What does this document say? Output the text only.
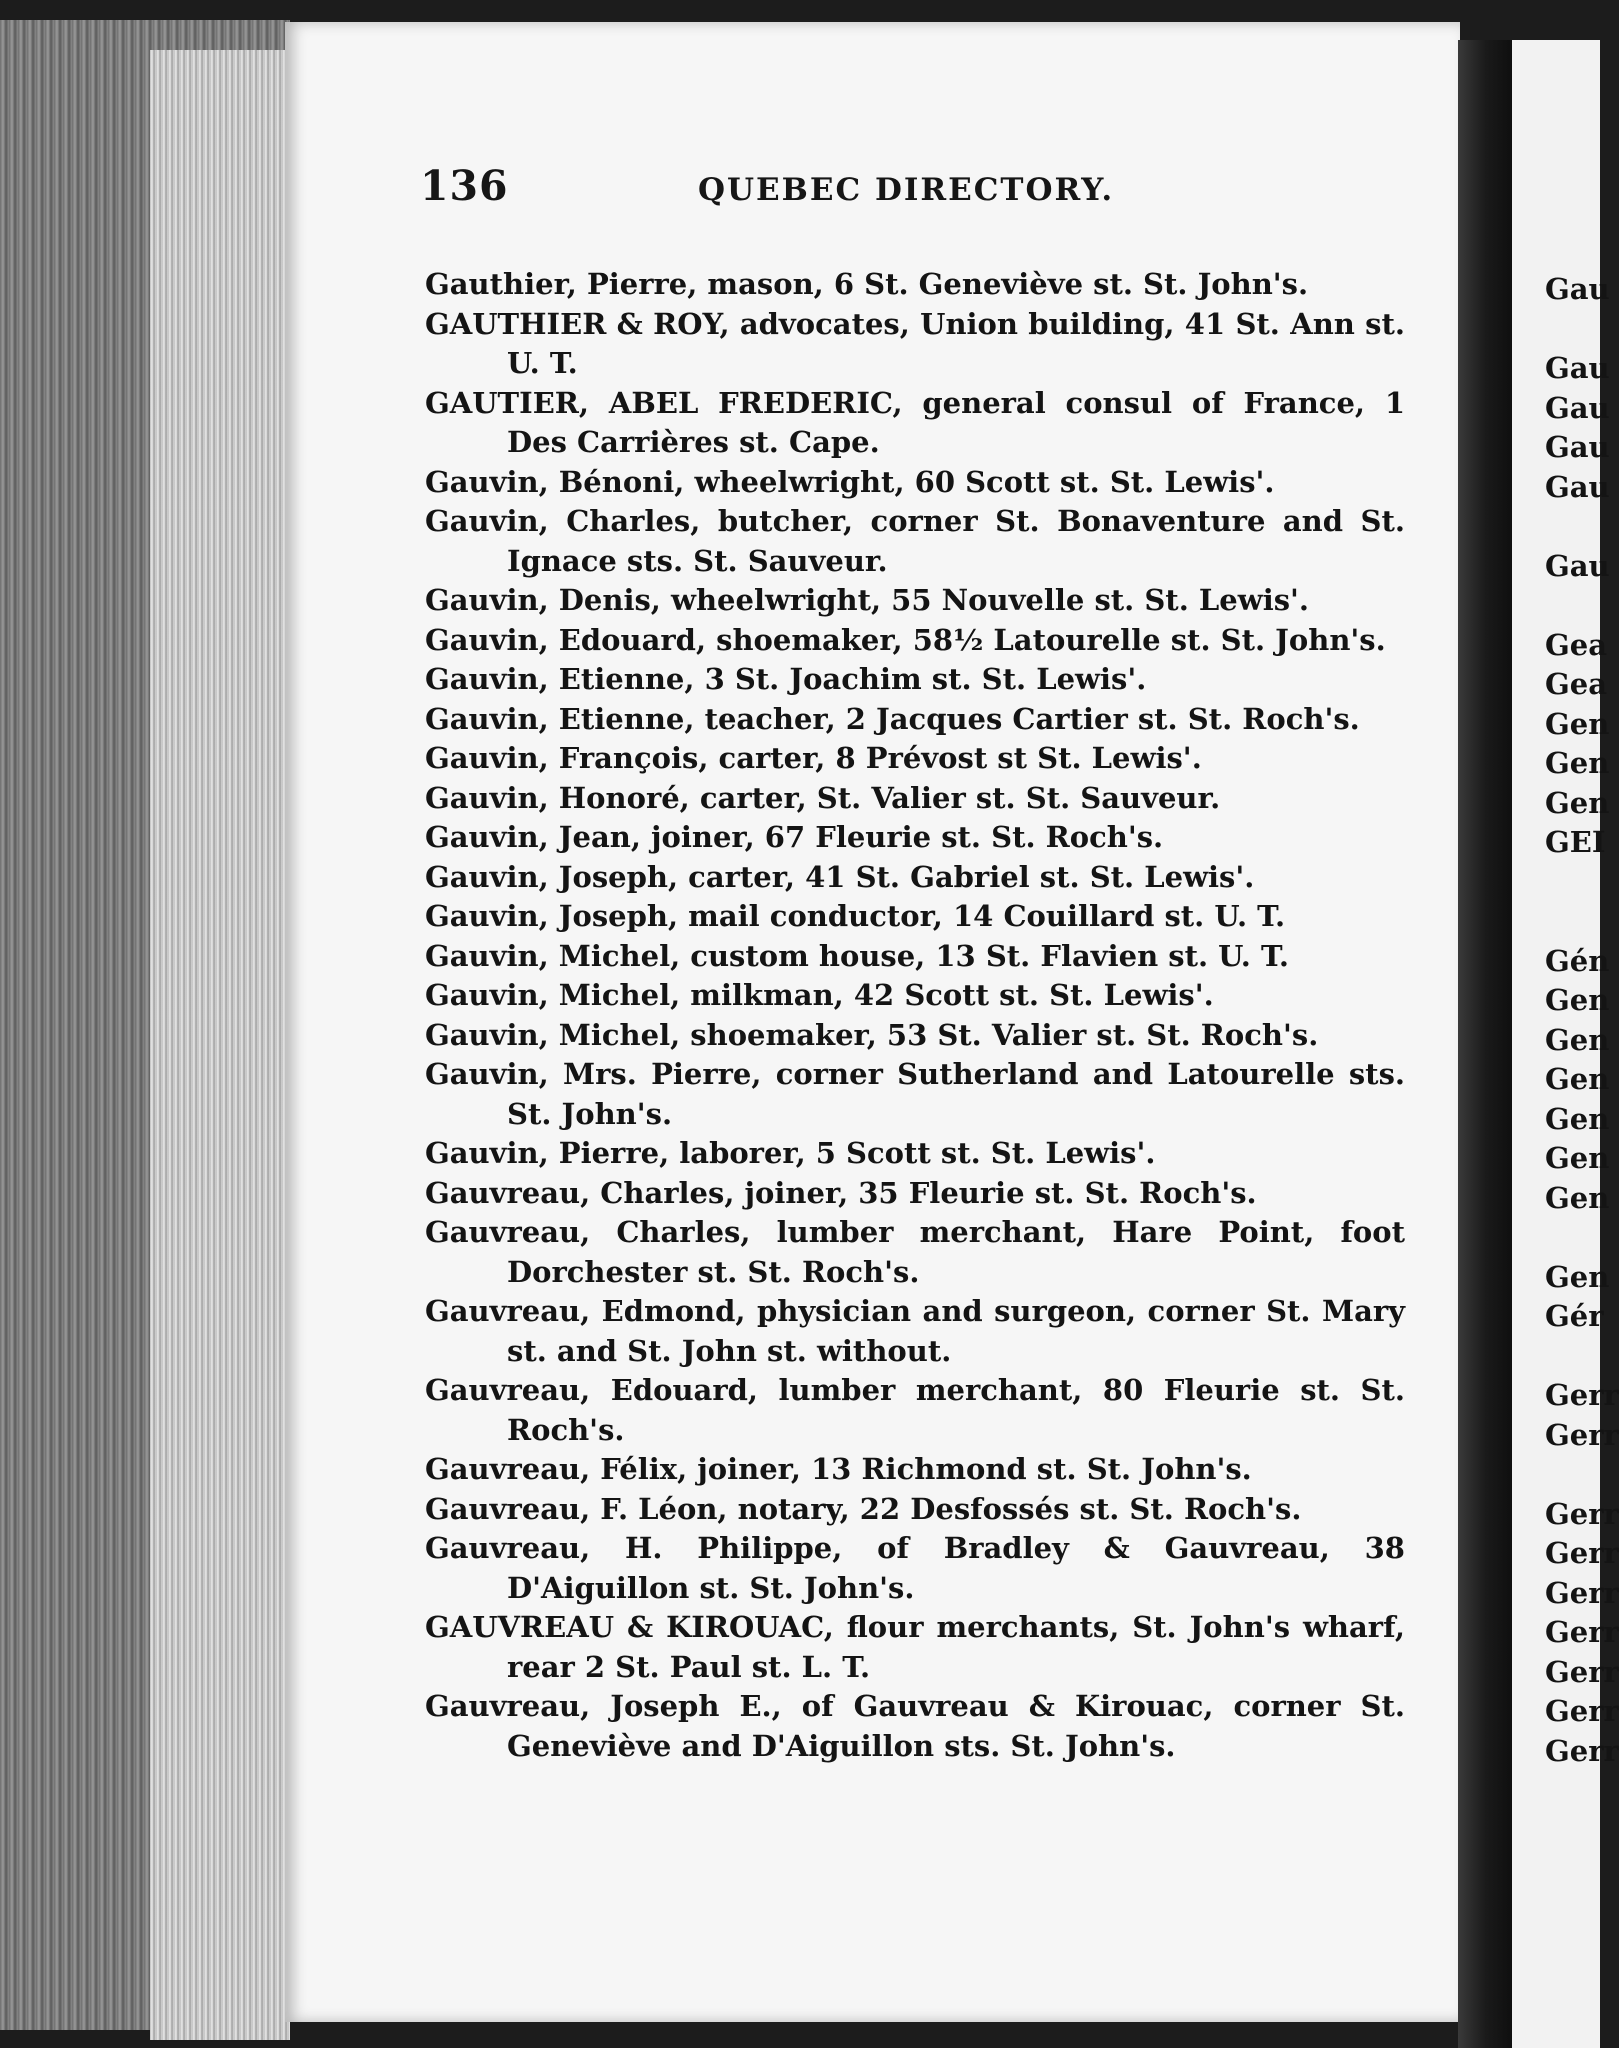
136	QUEBEC DIRECTORY.
Gauthier, Pierre, mason, 6 St. Geneviève st. St. John's.
GAUTHIER & ROY, advocates, Union building, 41 St. Ann st. U. T.
GAUTIER, ABEL FREDERIC, general consul of France, 1 Des Carrières st. Cape.
Gauvin, Bénoni, wheelwright, 60 Scott st. St. Lewis'.
Gauvin, Charles, butcher, corner St. Bonaventure and St. Ignace sts. St. Sauveur.
Gauvin, Denis, wheelwright, 55 Nouvelle st. St. Lewis'.
Gauvin, Edouard, shoemaker, 58½ Latourelle st. St. John's.
Gauvin, Etienne, 3 St. Joachim st. St. Lewis'.
Gauvin, Etienne, teacher, 2 Jacques Cartier st. St. Roch's.
Gauvin, François, carter, 8 Prévost st St. Lewis'.
Gauvin, Honoré, carter, St. Valier st. St. Sauveur.
Gauvin, Jean, joiner, 67 Fleurie st. St. Roch's.
Gauvin, Joseph, carter, 41 St. Gabriel st. St. Lewis'.
Gauvin, Joseph, mail conductor, 14 Couillard st. U. T.
Gauvin, Michel, custom house, 13 St. Flavien st. U. T.
Gauvin, Michel, milkman, 42 Scott st. St. Lewis'.
Gauvin, Michel, shoemaker, 53 St. Valier st. St. Roch's.
Gauvin, Mrs. Pierre, corner Sutherland and Latourelle sts. St. John's.
Gauvin, Pierre, laborer, 5 Scott st. St. Lewis'.
Gauvreau, Charles, joiner, 35 Fleurie st. St. Roch's.
Gauvreau, Charles, lumber merchant, Hare Point, foot Dorchester st. St. Roch's.
Gauvreau, Edmond, physician and surgeon, corner St. Mary st. and St. John st. without.
Gauvreau, Edouard, lumber merchant, 80 Fleurie st. St. Roch's.
Gauvreau, Félix, joiner, 13 Richmond st. St. John's.
Gauvreau, F. Léon, notary, 22 Desfossés st. St. Roch's.
Gauvreau, H. Philippe, of Bradley & Gauvreau, 38 D'Aiguillon st. St. John's.
GAUVREAU & KIROUAC, flour merchants, St. John's wharf, rear 2 St. Paul st. L. T.
Gauvreau, Joseph E., of Gauvreau & Kirouac, corner St. Geneviève and D'Aiguillon sts. St. John's.
Gau
Gau
Gau
Gau
Gau
Gau
Gea
Gea
Gen
Gen
Gen
GEI
Gén
Gen
Gen
Gen
Gen
Gen
Gen
Gen
Gér
Gerr
Gerr
Gerr
Gerr
Gerr
Gerr
Gerr
Gerr
Gerr
